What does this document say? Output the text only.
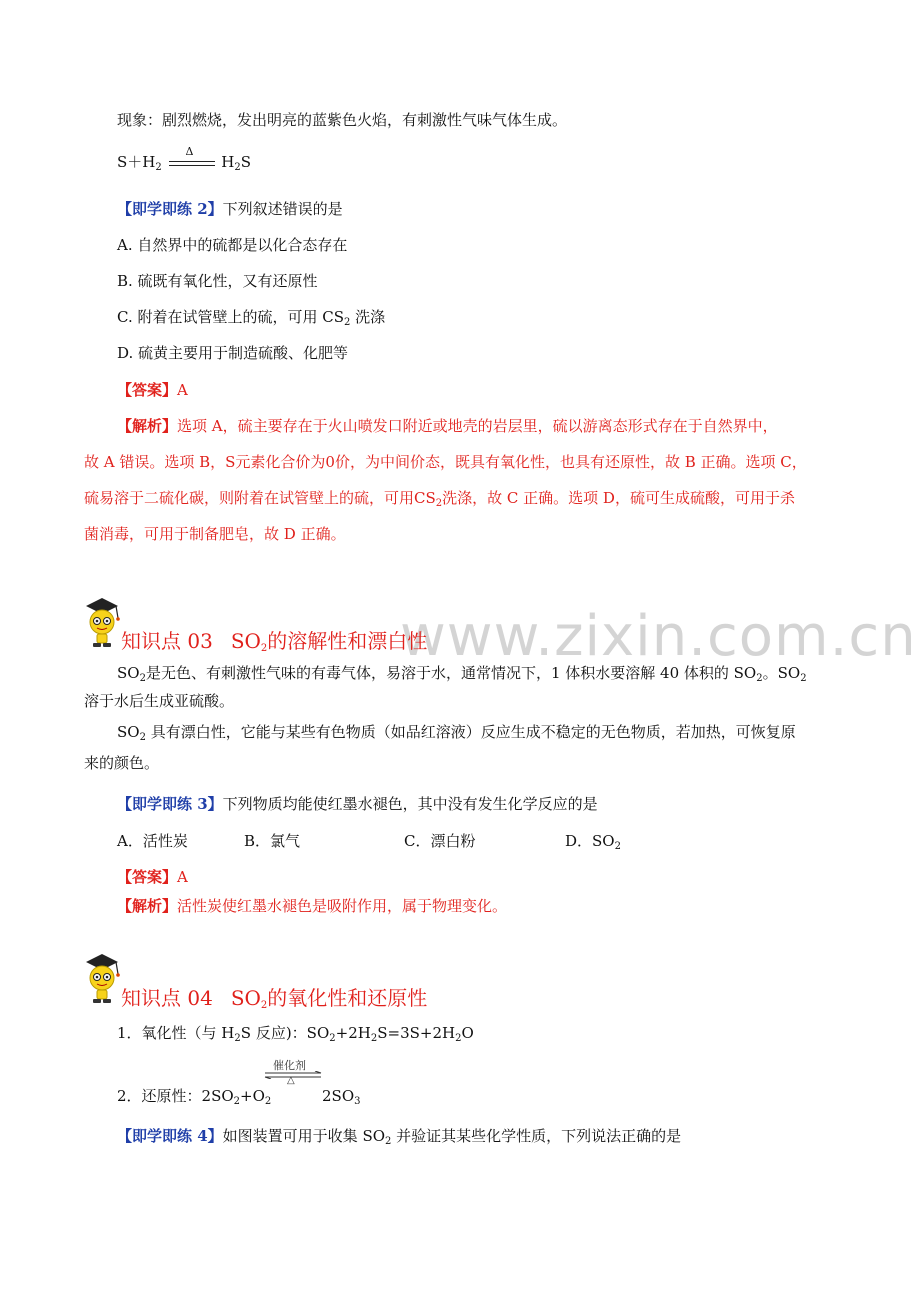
现象：剧烈燃烧，发出明亮的蓝紫色火焰，有刺激性气味气体生成。
$S+H_2$
Δ
$H_2S$
【即学即练 2】下列叙述错误的是
A. 自然界中的硫都是以化合态存在
B. 硫既有氧化性，又有还原性
C. 附着在试管壁上的硫，可用 $CS_2$ 洗涤
D. 硫黄主要用于制造硫酸、化肥等
【答案】A
【解析】选项 A，硫主要存在于火山喷发口附近或地壳的岩层里，硫以游离态形式存在于自然界中，
故 A 错误。选项 B，S元素化合价为0价，为中间价态，既具有氧化性，也具有还原性，故 B 正确。选项 C，
硫易溶于二硫化碳，则附着在试管壁上的硫，可用$CS_2$洗涤，故 C 正确。选项 D，硫可生成硫酸，可用于杀
菌消毒，可用于制备肥皂，故 D 正确。
www.zixin.com.cn
知识点 03 $SO_2$的溶解性和漂白性
$SO_2$是无色、有刺激性气味的有毒气体，易溶于水，通常情况下，1 体积水要溶解 40 体积的 $SO_2$。$SO_2$
溶于水后生成亚硫酸。
$SO_2$ 具有漂白性，它能与某些有色物质（如品红溶液）反应生成不稳定的无色物质，若加热，可恢复原
来的颜色。
【即学即练 3】下列物质均能使红墨水褪色，其中没有发生化学反应的是
A．活性炭	B．氯气	C．漂白粉	D．$SO_2$
【答案】A
【解析】活性炭使红墨水褪色是吸附作用，属于物理变化。
知识点 04 $SO_2$的氧化性和还原性
1．氧化性（与 $H_2S$ 反应)：$SO_2+2H_2S=3S+2H_2O$
催化剂
△
2．还原性：$2SO_2+O_2$	$2SO_3$
【即学即练 4】如图装置可用于收集 $SO_2$ 并验证其某些化学性质，下列说法正确的是
